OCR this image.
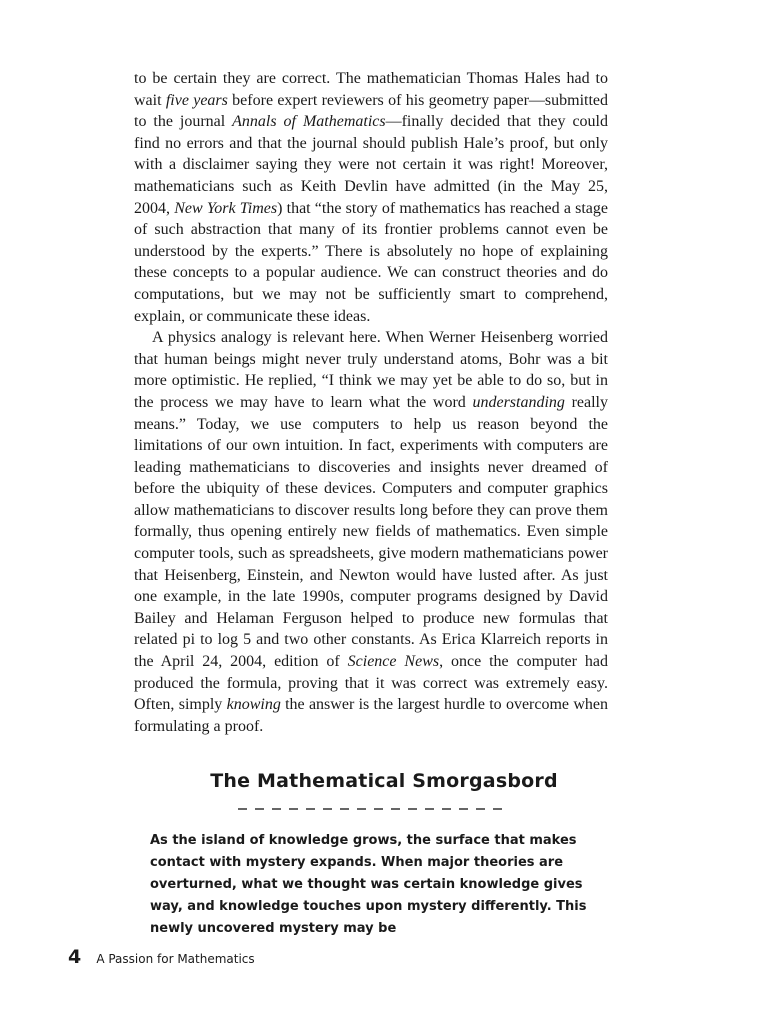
to be certain they are correct. The mathematician Thomas Hales had to wait five years before expert reviewers of his geometry paper—submitted to the journal Annals of Mathematics—finally decided that they could find no errors and that the journal should publish Hale’s proof, but only with a disclaimer saying they were not certain it was right! Moreover, mathematicians such as Keith Devlin have admitted (in the May 25, 2004, New York Times) that “the story of mathematics has reached a stage of such abstraction that many of its frontier problems cannot even be understood by the experts.” There is absolutely no hope of explaining these concepts to a popular audience. We can construct theories and do computations, but we may not be sufficiently smart to comprehend, explain, or communicate these ideas.

A physics analogy is relevant here. When Werner Heisenberg worried that human beings might never truly understand atoms, Bohr was a bit more optimistic. He replied, “I think we may yet be able to do so, but in the process we may have to learn what the word understanding really means.” Today, we use computers to help us reason beyond the limitations of our own intuition. In fact, experiments with computers are leading mathematicians to discoveries and insights never dreamed of before the ubiquity of these devices. Computers and computer graphics allow mathematicians to discover results long before they can prove them formally, thus opening entirely new fields of mathematics. Even simple computer tools, such as spreadsheets, give modern mathematicians power that Heisenberg, Einstein, and Newton would have lusted after. As just one example, in the late 1990s, computer programs designed by David Bailey and Helaman Ferguson helped to produce new formulas that related pi to log 5 and two other constants. As Erica Klarreich reports in the April 24, 2004, edition of Science News, once the computer had produced the formula, proving that it was correct was extremely easy. Often, simply knowing the answer is the largest hurdle to overcome when formulating a proof.

The Mathematical Smorgasbord

As the island of knowledge grows, the surface that makes contact with mystery expands. When major theories are overturned, what we thought was certain knowledge gives way, and knowledge touches upon mystery differently. This newly uncovered mystery may be

4 A Passion for Mathematics
